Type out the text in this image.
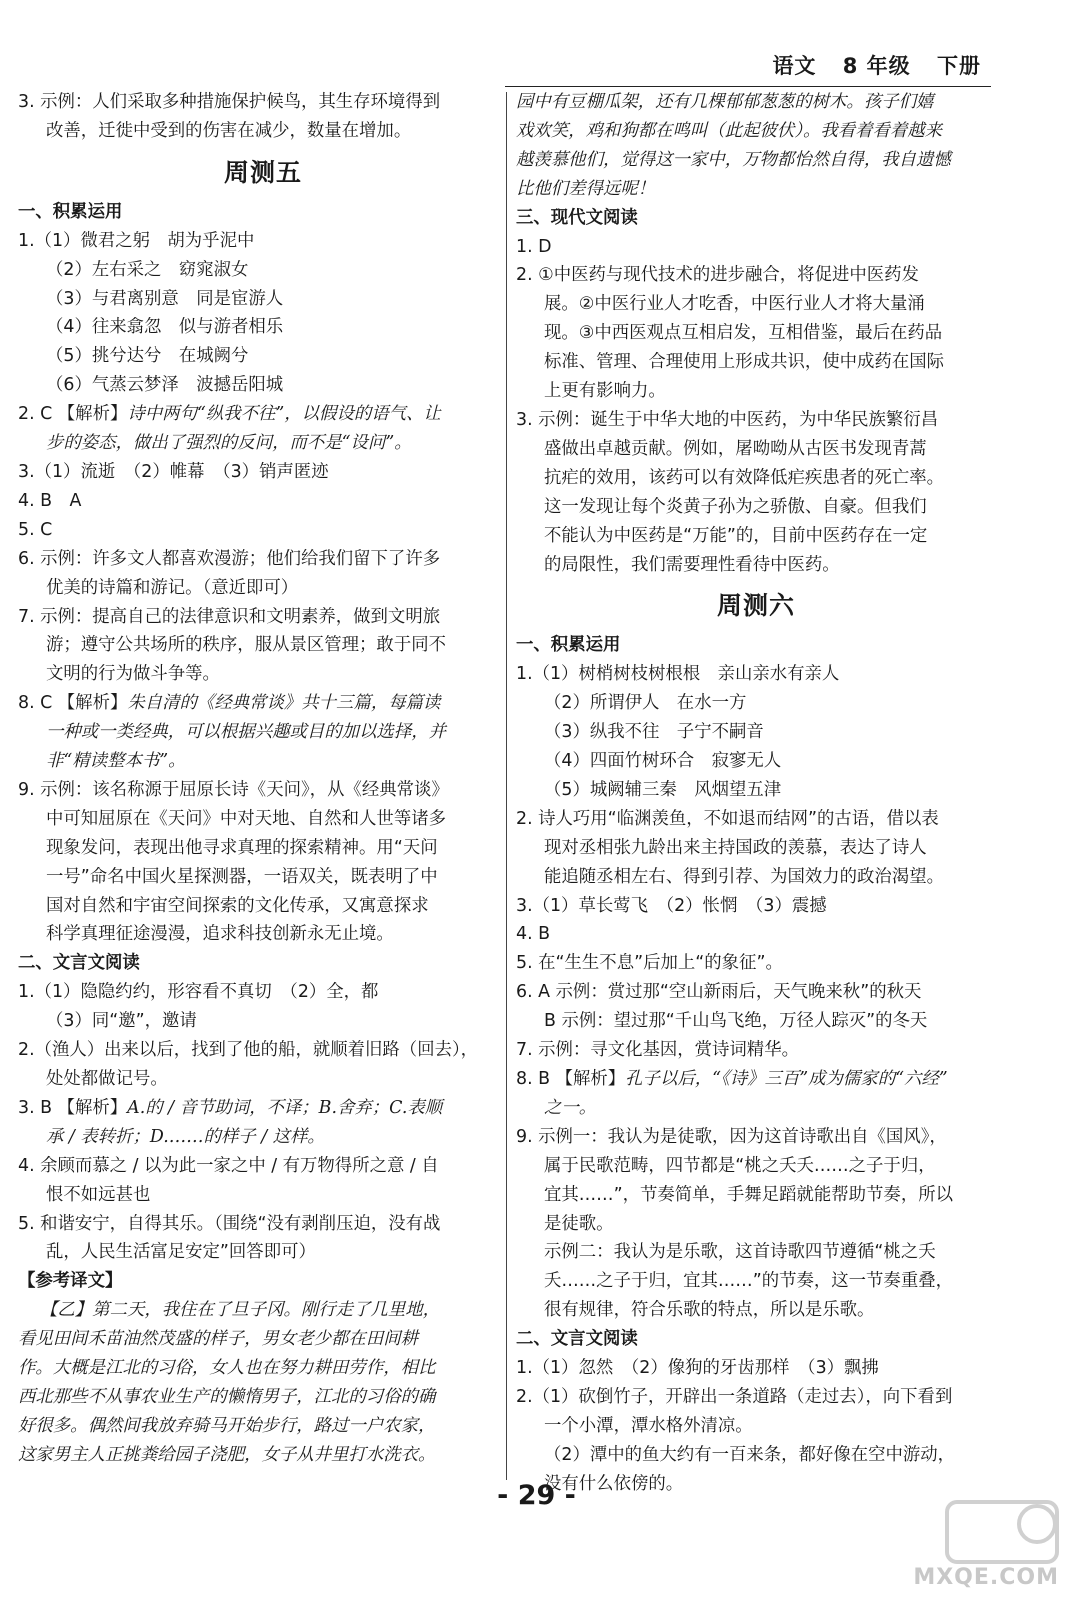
语文 8 年级 下册
3. 示例：人们采取多种措施保护候鸟，其生存环境得到
改善，迁徙中受到的伤害在减少，数量在增加。
周测五
一、积累运用
1.（1）微君之躬　胡为乎泥中
（2）左右采之　窈窕淑女
（3）与君离别意　同是宦游人
（4）往来翕忽　似与游者相乐
（5）挑兮达兮　在城阙兮
（6）气蒸云梦泽　波撼岳阳城
2. C 【解析】诗中两句“纵我不往”，以假设的语气、让
步的姿态，做出了强烈的反问，而不是“设问”。
3.（1）流逝　（2）帷幕　（3）销声匿迹
4. B　A
5. C
6. 示例：许多文人都喜欢漫游；他们给我们留下了许多
优美的诗篇和游记。（意近即可）
7. 示例：提高自己的法律意识和文明素养，做到文明旅
游；遵守公共场所的秩序，服从景区管理；敢于同不
文明的行为做斗争等。
8. C 【解析】朱自清的《经典常谈》共十三篇，每篇读
一种或一类经典，可以根据兴趣或目的加以选择，并
非“精读整本书”。
9. 示例：该名称源于屈原长诗《天问》，从《经典常谈》
中可知屈原在《天问》中对天地、自然和人世等诸多
现象发问，表现出他寻求真理的探索精神。用“天问
一号”命名中国火星探测器，一语双关，既表明了中
国对自然和宇宙空间探索的文化传承，又寓意探求
科学真理征途漫漫，追求科技创新永无止境。
二、文言文阅读
1.（1）隐隐约约，形容看不真切　（2）全，都
（3）同“邀”，邀请
2.（渔人）出来以后，找到了他的船，就顺着旧路（回去），
处处都做记号。
3. B 【解析】A.的 / 音节助词，不译；B.舍弃；C.表顺
承 / 表转折；D.……的样子 / 这样。
4. 余顾而慕之 / 以为此一家之中 / 有万物得所之意 / 自
恨不如远甚也
5. 和谐安宁，自得其乐。（围绕“没有剥削压迫，没有战
乱，人民生活富足安定”回答即可）
【参考译文】
【乙】第二天，我住在了旦子冈。刚行走了几里地，
看见田间禾苗油然茂盛的样子，男女老少都在田间耕
作。大概是江北的习俗，女人也在努力耕田劳作，相比
西北那些不从事农业生产的懒惰男子，江北的习俗的确
好很多。偶然间我放弃骑马开始步行，路过一户农家，
这家男主人正挑粪给园子浇肥，女子从井里打水洗衣。
园中有豆棚瓜架，还有几棵郁郁葱葱的树木。孩子们嬉
戏欢笑，鸡和狗都在鸣叫（此起彼伏）。我看着看着越来
越羡慕他们，觉得这一家中，万物都怡然自得，我自遗憾
比他们差得远呢！
三、现代文阅读
1. D
2. ①中医药与现代技术的进步融合，将促进中医药发
展。②中医行业人才吃香，中医行业人才将大量涌
现。③中西医观点互相启发，互相借鉴，最后在药品
标准、管理、合理使用上形成共识，使中成药在国际
上更有影响力。
3. 示例：诞生于中华大地的中医药，为中华民族繁衍昌
盛做出卓越贡献。例如，屠呦呦从古医书发现青蒿
抗疟的效用，该药可以有效降低疟疾患者的死亡率。
这一发现让每个炎黄子孙为之骄傲、自豪。但我们
不能认为中医药是“万能”的，目前中医药存在一定
的局限性，我们需要理性看待中医药。
周测六
一、积累运用
1.（1）树梢树枝树根根　亲山亲水有亲人
（2）所谓伊人　在水一方
（3）纵我不往　子宁不嗣音
（4）四面竹树环合　寂寥无人
（5）城阙辅三秦　风烟望五津
2. 诗人巧用“临渊羡鱼，不如退而结网”的古语，借以表
现对丞相张九龄出来主持国政的羡慕，表达了诗人
能追随丞相左右、得到引荐、为国效力的政治渴望。
3.（1）草长莺飞　（2）怅惘　（3）震撼
4. B
5. 在“生生不息”后加上“的象征”。
6. A 示例：赏过那“空山新雨后，天气晚来秋”的秋天
B 示例：望过那“千山鸟飞绝，万径人踪灭”的冬天
7. 示例：寻文化基因，赏诗词精华。
8. B 【解析】孔子以后，“《诗》三百”成为儒家的“六经”
之一。
9. 示例一：我认为是徒歌，因为这首诗歌出自《国风》，
属于民歌范畴，四节都是“桃之夭夭……之子于归，
宜其……”，节奏简单，手舞足蹈就能帮助节奏，所以
是徒歌。
示例二：我认为是乐歌，这首诗歌四节遵循“桃之夭
夭……之子于归，宜其……”的节奏，这一节奏重叠，
很有规律，符合乐歌的特点，所以是乐歌。
二、文言文阅读
1.（1）忽然　（2）像狗的牙齿那样　（3）飘拂
2.（1）砍倒竹子，开辟出一条道路（走过去），向下看到
一个小潭，潭水格外清凉。
（2）潭中的鱼大约有一百来条，都好像在空中游动，
没有什么依傍的。
- 29 -
MXQE.COM
